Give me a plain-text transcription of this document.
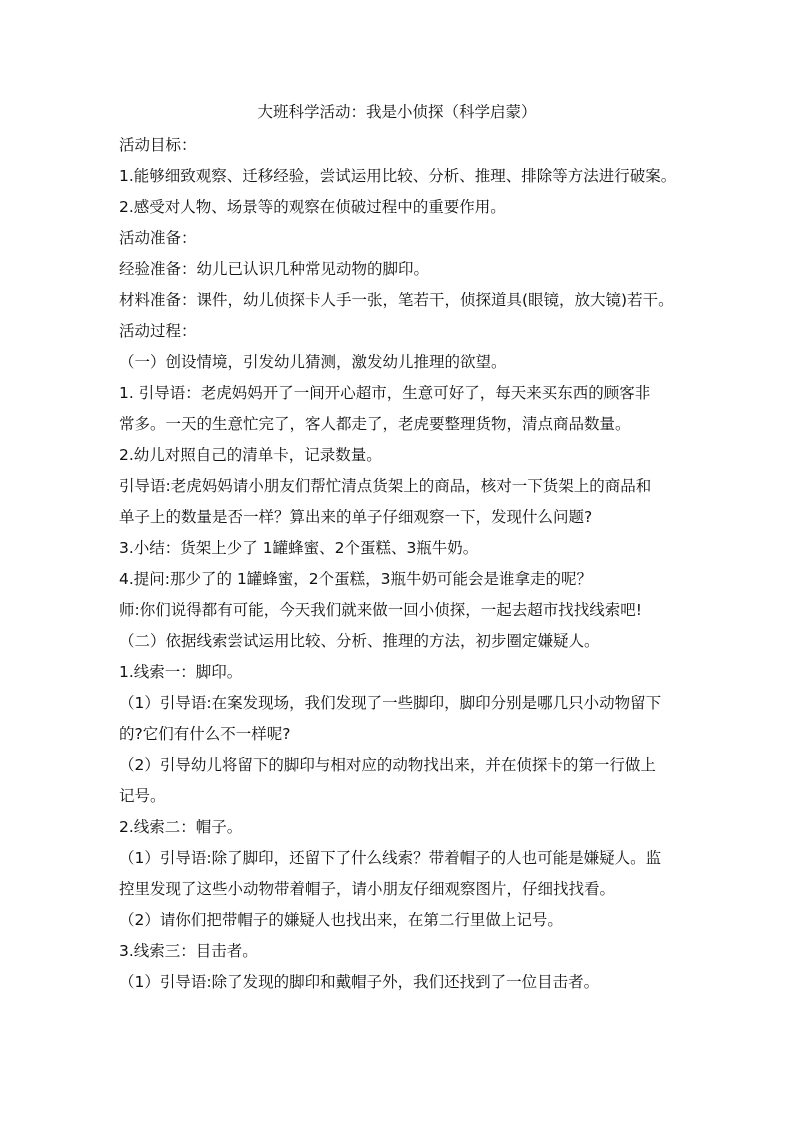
大班科学活动：我是小侦探（科学启蒙）

活动目标：

1.能够细致观察、迁移经验，尝试运用比较、分析、推理、排除等方法进行破案。

2.感受对人物、场景等的观察在侦破过程中的重要作用。

活动准备：

经验准备：幼儿已认识几种常见动物的脚印。

材料准备：课件，幼儿侦探卡人手一张，笔若干，侦探道具(眼镜，放大镜)若干。

活动过程：

（一）创设情境，引发幼儿猜测，激发幼儿推理的欲望。

1. 引导语：老虎妈妈开了一间开心超市，生意可好了，每天来买东西的顾客非

常多。一天的生意忙完了，客人都走了，老虎要整理货物，清点商品数量。

2.幼儿对照自己的清单卡，记录数量。

引导语:老虎妈妈请小朋友们帮忙清点货架上的商品，核对一下货架上的商品和

单子上的数量是否一样？算出来的单子仔细观察一下，发现什么问题?

3.小结：货架上少了 1罐蜂蜜、2个蛋糕、3瓶牛奶。

4.提问:那少了的 1罐蜂蜜，2个蛋糕，3瓶牛奶可能会是谁拿走的呢？

师:你们说得都有可能，今天我们就来做一回小侦探，一起去超市找找线索吧!

（二）依据线索尝试运用比较、分析、推理的方法，初步圈定嫌疑人。

1.线索一：脚印。

（1）引导语:在案发现场，我们发现了一些脚印，脚印分别是哪几只小动物留下

的?它们有什么不一样呢?

（2）引导幼儿将留下的脚印与相对应的动物找出来，并在侦探卡的第一行做上

记号。

2.线索二：帽子。

（1）引导语:除了脚印，还留下了什么线索？带着帽子的人也可能是嫌疑人。监

控里发现了这些小动物带着帽子，请小朋友仔细观察图片，仔细找找看。

（2）请你们把带帽子的嫌疑人也找出来，在第二行里做上记号。

3.线索三：目击者。

（1）引导语:除了发现的脚印和戴帽子外，我们还找到了一位目击者。
